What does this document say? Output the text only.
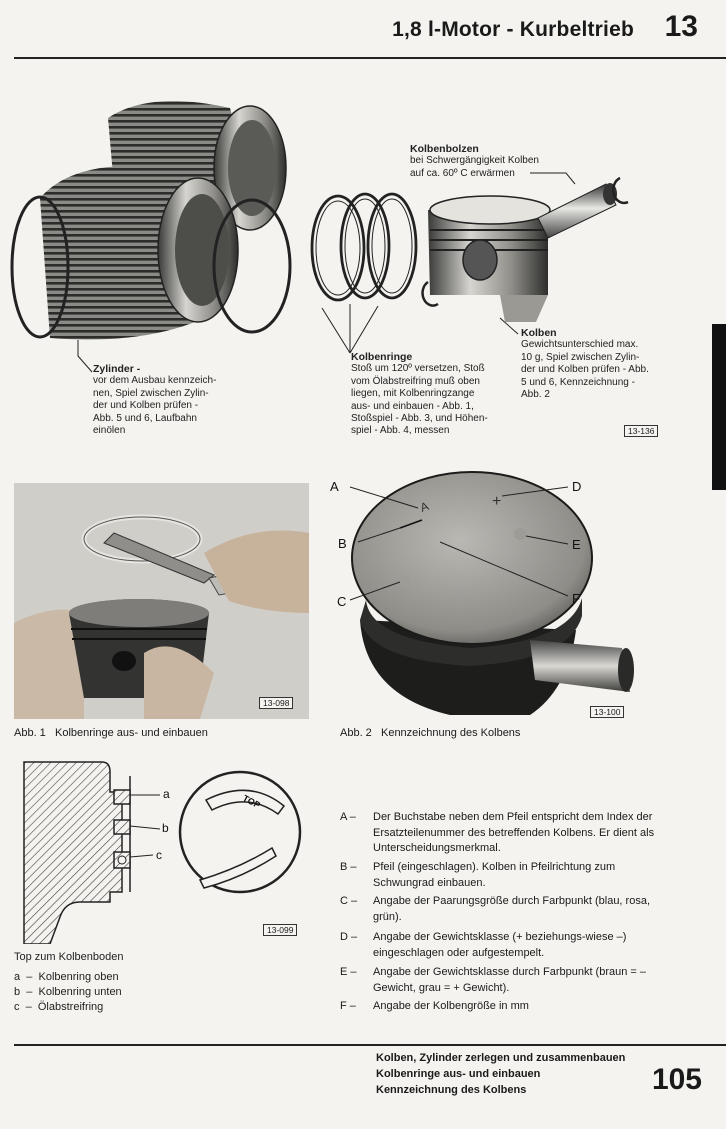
1,8 l-Motor - Kurbeltrieb 13
Kolbenbolzen
bei Schwergängigkeit Kolben
auf ca. 60º C erwärmen
Zylinder -
vor dem Ausbau kennzeich-
nen, Spiel zwischen Zylin-
der und Kolben prüfen -
Abb. 5 und 6, Laufbahn
einölen
Kolbenringe
Stoß um 120º versetzen, Stoß
vom Ölabstreifring muß oben
liegen, mit Kolbenringzange
aus- und einbauen - Abb. 1,
Stoßspiel - Abb. 3, und Höhen-
spiel - Abb. 4, messen
Kolben
Gewichtsunterschied max.
10 g, Spiel zwischen Zylin-
der und Kolben prüfen - Abb.
5 und 6, Kennzeichnung -
Abb. 2
13-136
13-098
Abb. 1 Kolbenringe aus- und einbauen
A	+
A
B
C
D
E
F
13-100
Abb. 2 Kennzeichnung des Kolbens
a
b
c
TOP
13-099
Top zum Kolbenboden
a – Kolbenring oben
b – Kolbenring unten
c – Ölabstreifring
A –	Der Buchstabe neben dem Pfeil entspricht dem Index der Ersatzteilenummer des betreffenden Kolbens. Er dient als Unterscheidungsmerkmal.
B –	Pfeil (eingeschlagen). Kolben in Pfeilrichtung zum Schwungrad einbauen.
C –	Angabe der Paarungsgröße durch Farbpunkt (blau, rosa, grün).
D –	Angabe der Gewichtsklasse (+ beziehungs-wiese –) eingeschlagen oder aufgestempelt.
E –	Angabe der Gewichtsklasse durch Farbpunkt (braun = –Gewicht, grau = + Gewicht).
F –	Angabe der Kolbengröße in mm
Kolben, Zylinder zerlegen und zusammenbauen
Kolbenringe aus- und einbauen
Kennzeichnung des Kolbens	105
